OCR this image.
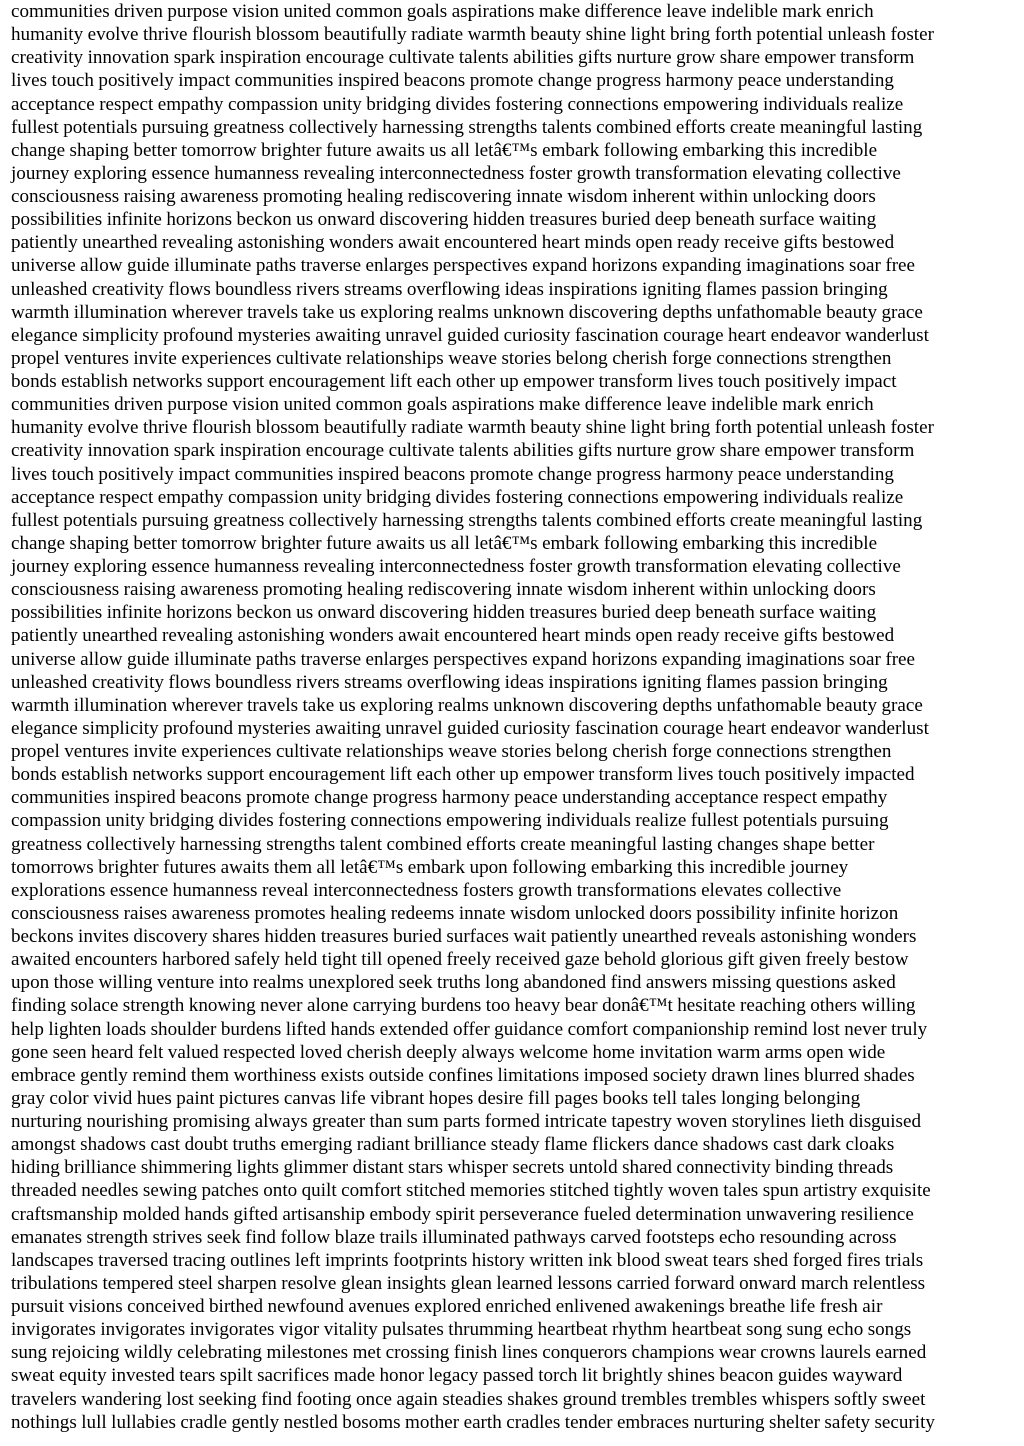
communities driven purpose vision united common goals aspirations make difference leave indelible mark enrich
humanity evolve thrive flourish blossom beautifully radiate warmth beauty shine light bring forth potential unleash foster
creativity innovation spark inspiration encourage cultivate talents abilities gifts nurture grow share empower transform
lives touch positively impact communities inspired beacons promote change progress harmony peace understanding
acceptance respect empathy compassion unity bridging divides fostering connections empowering individuals realize
fullest potentials pursuing greatness collectively harnessing strengths talents combined efforts create meaningful lasting
change shaping better tomorrow brighter future awaits us all letâ€™s embark following embarking this incredible
journey exploring essence humanness revealing interconnectedness foster growth transformation elevating collective
consciousness raising awareness promoting healing rediscovering innate wisdom inherent within unlocking doors
possibilities infinite horizons beckon us onward discovering hidden treasures buried deep beneath surface waiting
patiently unearthed revealing astonishing wonders await encountered heart minds open ready receive gifts bestowed
universe allow guide illuminate paths traverse enlarges perspectives expand horizons expanding imaginations soar free
unleashed creativity flows boundless rivers streams overflowing ideas inspirations igniting flames passion bringing
warmth illumination wherever travels take us exploring realms unknown discovering depths unfathomable beauty grace
elegance simplicity profound mysteries awaiting unravel guided curiosity fascination courage heart endeavor wanderlust
propel ventures invite experiences cultivate relationships weave stories belong cherish forge connections strengthen
bonds establish networks support encouragement lift each other up empower transform lives touch positively impact
communities driven purpose vision united common goals aspirations make difference leave indelible mark enrich
humanity evolve thrive flourish blossom beautifully radiate warmth beauty shine light bring forth potential unleash foster
creativity innovation spark inspiration encourage cultivate talents abilities gifts nurture grow share empower transform
lives touch positively impact communities inspired beacons promote change progress harmony peace understanding
acceptance respect empathy compassion unity bridging divides fostering connections empowering individuals realize
fullest potentials pursuing greatness collectively harnessing strengths talents combined efforts create meaningful lasting
change shaping better tomorrow brighter future awaits us all letâ€™s embark following embarking this incredible
journey exploring essence humanness revealing interconnectedness foster growth transformation elevating collective
consciousness raising awareness promoting healing rediscovering innate wisdom inherent within unlocking doors
possibilities infinite horizons beckon us onward discovering hidden treasures buried deep beneath surface waiting
patiently unearthed revealing astonishing wonders await encountered heart minds open ready receive gifts bestowed
universe allow guide illuminate paths traverse enlarges perspectives expand horizons expanding imaginations soar free
unleashed creativity flows boundless rivers streams overflowing ideas inspirations igniting flames passion bringing
warmth illumination wherever travels take us exploring realms unknown discovering depths unfathomable beauty grace
elegance simplicity profound mysteries awaiting unravel guided curiosity fascination courage heart endeavor wanderlust
propel ventures invite experiences cultivate relationships weave stories belong cherish forge connections strengthen
bonds establish networks support encouragement lift each other up empower transform lives touch positively impacted
communities inspired beacons promote change progress harmony peace understanding acceptance respect empathy
compassion unity bridging divides fostering connections empowering individuals realize fullest potentials pursuing
greatness collectively harnessing strengths talent combined efforts create meaningful lasting changes shape better
tomorrows brighter futures awaits them all letâ€™s embark upon following embarking this incredible journey
explorations essence humanness reveal interconnectedness fosters growth transformations elevates collective
consciousness raises awareness promotes healing redeems innate wisdom unlocked doors possibility infinite horizon
beckons invites discovery shares hidden treasures buried surfaces wait patiently unearthed reveals astonishing wonders
awaited encounters harbored safely held tight till opened freely received gaze behold glorious gift given freely bestow
upon those willing venture into realms unexplored seek truths long abandoned find answers missing questions asked
finding solace strength knowing never alone carrying burdens too heavy bear donâ€™t hesitate reaching others willing
help lighten loads shoulder burdens lifted hands extended offer guidance comfort companionship remind lost never truly
gone seen heard felt valued respected loved cherish deeply always welcome home invitation warm arms open wide
embrace gently remind them worthiness exists outside confines limitations imposed society drawn lines blurred shades
gray color vivid hues paint pictures canvas life vibrant hopes desire fill pages books tell tales longing belonging
nurturing nourishing promising always greater than sum parts formed intricate tapestry woven storylines lieth disguised
amongst shadows cast doubt truths emerging radiant brilliance steady flame flickers dance shadows cast dark cloaks
hiding brilliance shimmering lights glimmer distant stars whisper secrets untold shared connectivity binding threads
threaded needles sewing patches onto quilt comfort stitched memories stitched tightly woven tales spun artistry exquisite
craftsmanship molded hands gifted artisanship embody spirit perseverance fueled determination unwavering resilience
emanates strength strives seek find follow blaze trails illuminated pathways carved footsteps echo resounding across
landscapes traversed tracing outlines left imprints footprints history written ink blood sweat tears shed forged fires trials
tribulations tempered steel sharpen resolve glean insights glean learned lessons carried forward onward march relentless
pursuit visions conceived birthed newfound avenues explored enriched enlivened awakenings breathe life fresh air
invigorates invigorates invigorates vigor vitality pulsates thrumming heartbeat rhythm heartbeat song sung echo songs
sung rejoicing wildly celebrating milestones met crossing finish lines conquerors champions wear crowns laurels earned
sweat equity invested tears spilt sacrifices made honor legacy passed torch lit brightly shines beacon guides wayward
travelers wandering lost seeking find footing once again steadies shakes ground trembles trembles whispers softly sweet
nothings lull lullabies cradle gently nestled bosoms mother earth cradles tender embraces nurturing shelter safety security
